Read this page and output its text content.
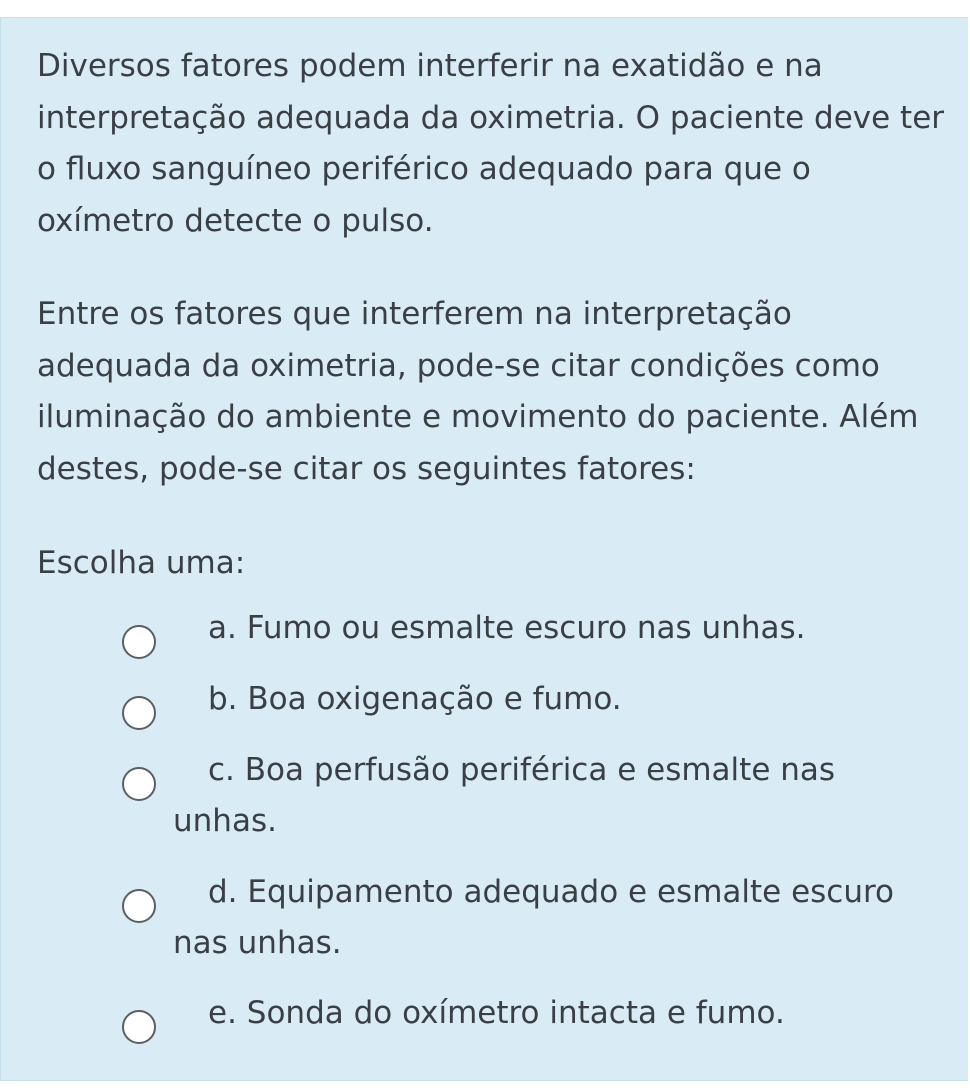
Diversos fatores podem interferir na exatidão e na interpretação adequada da oximetria. O paciente deve ter o fluxo sanguíneo periférico adequado para que o oxímetro detecte o pulso.

Entre os fatores que interferem na interpretação adequada da oximetria, pode-se citar condições como iluminação do ambiente e movimento do paciente. Além destes, pode-se citar os seguintes fatores:

Escolha uma:

a. Fumo ou esmalte escuro nas unhas.

b. Boa oxigenação e fumo.

c. Boa perfusão periférica e esmalte nas unhas.

d. Equipamento adequado e esmalte escuro nas unhas.

e. Sonda do oxímetro intacta e fumo.
